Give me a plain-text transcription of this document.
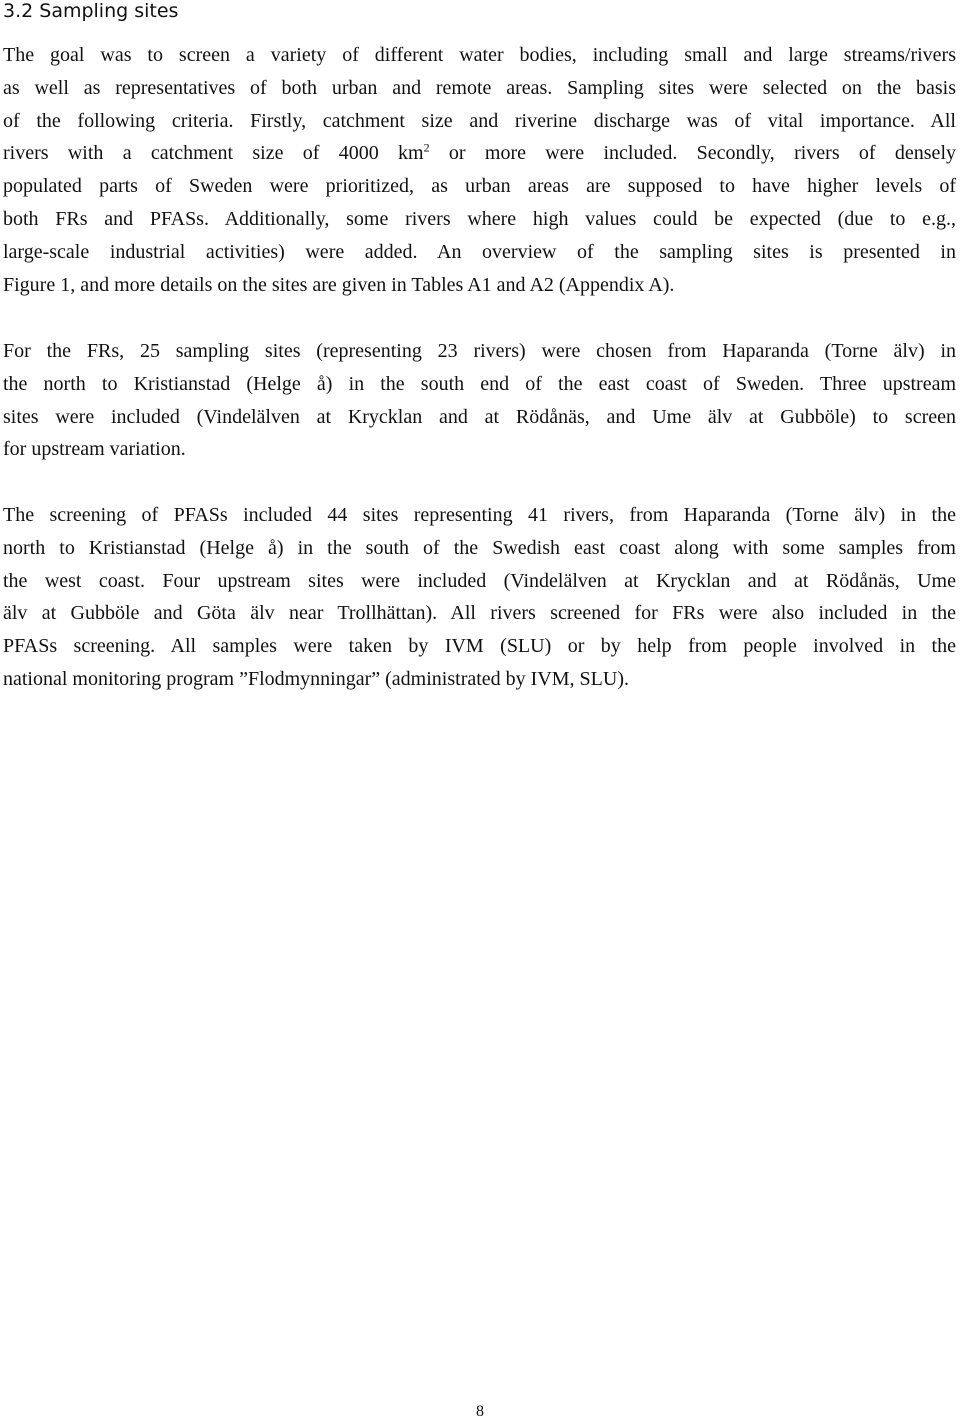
3.2 Sampling sites

The goal was to screen a variety of different water bodies, including small and large streams/rivers
as well as representatives of both urban and remote areas. Sampling sites were selected on the basis
of the following criteria. Firstly, catchment size and riverine discharge was of vital importance. All
rivers with a catchment size of 4000 $km^2$ or more were included. Secondly, rivers of densely
populated parts of Sweden were prioritized, as urban areas are supposed to have higher levels of
both FRs and PFASs. Additionally, some rivers where high values could be expected (due to e.g.,
large-scale industrial activities) were added. An overview of the sampling sites is presented in
Figure 1, and more details on the sites are given in Tables A1 and A2 (Appendix A).

For the FRs, 25 sampling sites (representing 23 rivers) were chosen from Haparanda (Torne älv) in
the north to Kristianstad (Helge å) in the south end of the east coast of Sweden. Three upstream
sites were included (Vindelälven at Krycklan and at Rödånäs, and Ume älv at Gubböle) to screen
for upstream variation.

The screening of PFASs included 44 sites representing 41 rivers, from Haparanda (Torne älv) in the
north to Kristianstad (Helge å) in the south of the Swedish east coast along with some samples from
the west coast. Four upstream sites were included (Vindelälven at Krycklan and at Rödånäs, Ume
älv at Gubböle and Göta älv near Trollhättan). All rivers screened for FRs were also included in the
PFASs screening. All samples were taken by IVM (SLU) or by help from people involved in the
national monitoring program ”Flodmynningar” (administrated by IVM, SLU).

8
